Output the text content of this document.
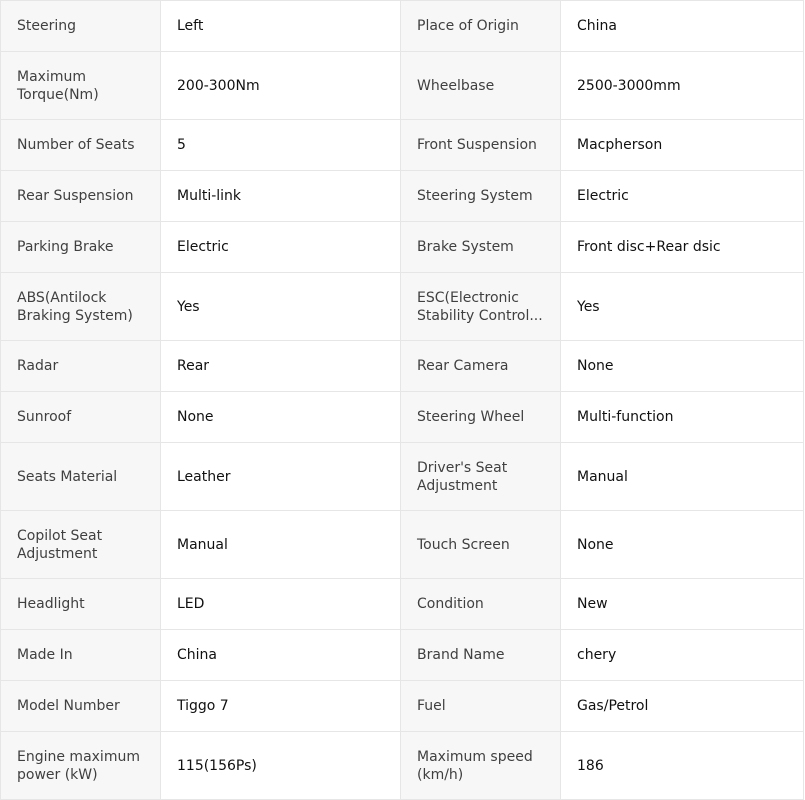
Steering	Left	Place of Origin	China
Maximum Torque(Nm)	200-300Nm	Wheelbase	2500-3000mm
Number of Seats	5	Front Suspension	Macpherson
Rear Suspension	Multi-link	Steering System	Electric
Parking Brake	Electric	Brake System	Front disc+Rear dsic
ABS(Antilock Braking System)	Yes	ESC(Electronic Stability Control...	Yes
Radar	Rear	Rear Camera	None
Sunroof	None	Steering Wheel	Multi-function
Seats Material	Leather	Driver's Seat Adjustment	Manual
Copilot Seat Adjustment	Manual	Touch Screen	None
Headlight	LED	Condition	New
Made In	China	Brand Name	chery
Model Number	Tiggo 7	Fuel	Gas/Petrol
Engine maximum power (kW)	115(156Ps)	Maximum speed (km/h)	186
